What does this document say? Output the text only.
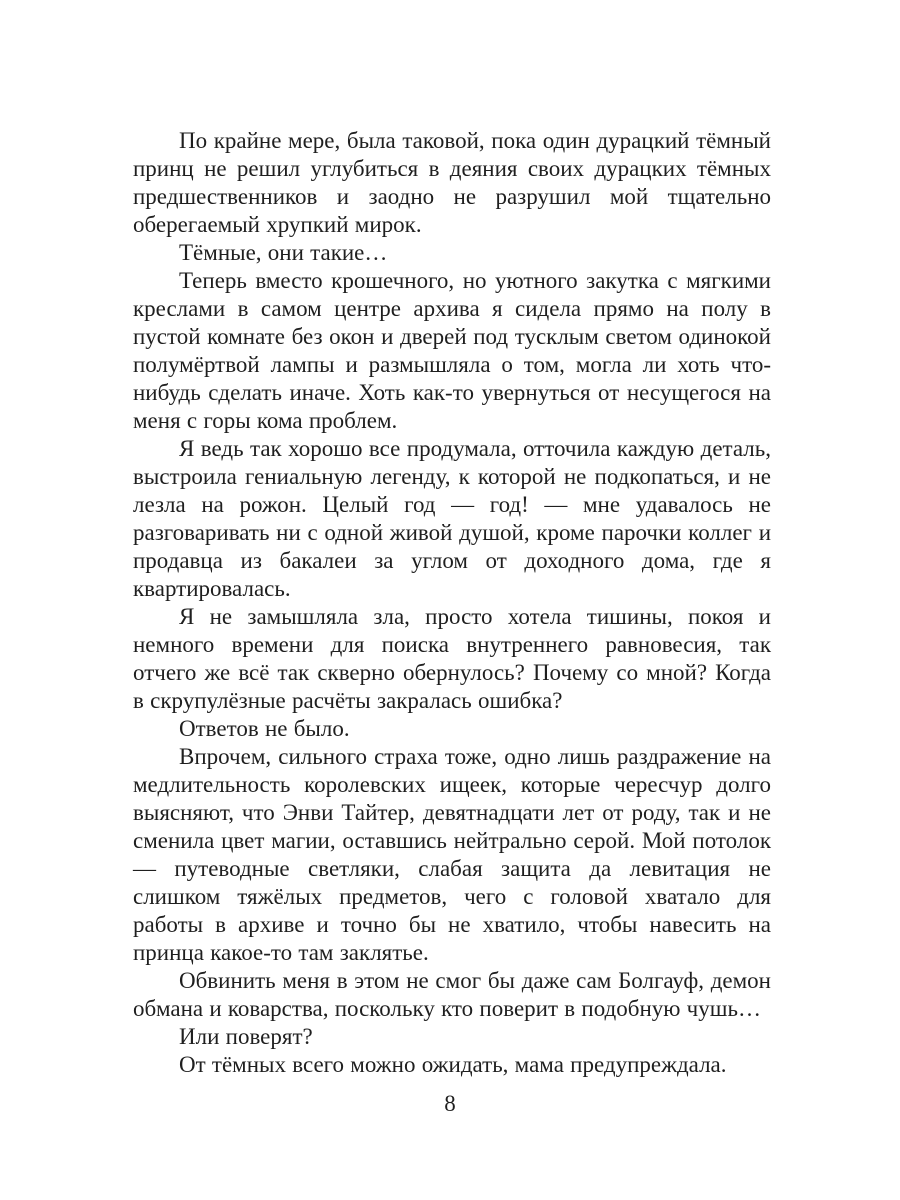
По крайне мере, была таковой, пока один дурацкий тёмный принц не решил углубиться в деяния своих дурацких тёмных предшественников и заодно не разрушил мой тщательно оберегаемый хрупкий мирок.

Тёмные, они такие…

Теперь вместо крошечного, но уютного закутка с мягкими креслами в самом центре архива я сидела прямо на полу в пустой комнате без окон и дверей под тусклым светом одинокой полумёртвой лампы и размышляла о том, могла ли хоть что-нибудь сделать иначе. Хоть как-то увернуться от несущегося на меня с горы кома проблем.

Я ведь так хорошо все продумала, отточила каждую деталь, выстроила гениальную легенду, к которой не подкопаться, и не лезла на рожон. Целый год — год! — мне удавалось не разговаривать ни с одной живой душой, кроме парочки коллег и продавца из бакалеи за углом от доходного дома, где я квартировалась.

Я не замышляла зла, просто хотела тишины, покоя и немного времени для поиска внутреннего равновесия, так отчего же всё так скверно обернулось? Почему со мной? Когда в скрупулёзные расчёты закралась ошибка?

Ответов не было.

Впрочем, сильного страха тоже, одно лишь раздражение на медлительность королевских ищеек, которые чересчур долго выясняют, что Энви Тайтер, девятнадцати лет от роду, так и не сменила цвет магии, оставшись нейтрально серой. Мой потолок — путеводные светляки, слабая защита да левитация не слишком тяжёлых предметов, чего с головой хватало для работы в архиве и точно бы не хватило, чтобы навесить на принца какое-то там заклятье.

Обвинить меня в этом не смог бы даже сам Болгауф, демон обмана и коварства, поскольку кто поверит в подобную чушь…

Или поверят?

От тёмных всего можно ожидать, мама предупреждала.

8
